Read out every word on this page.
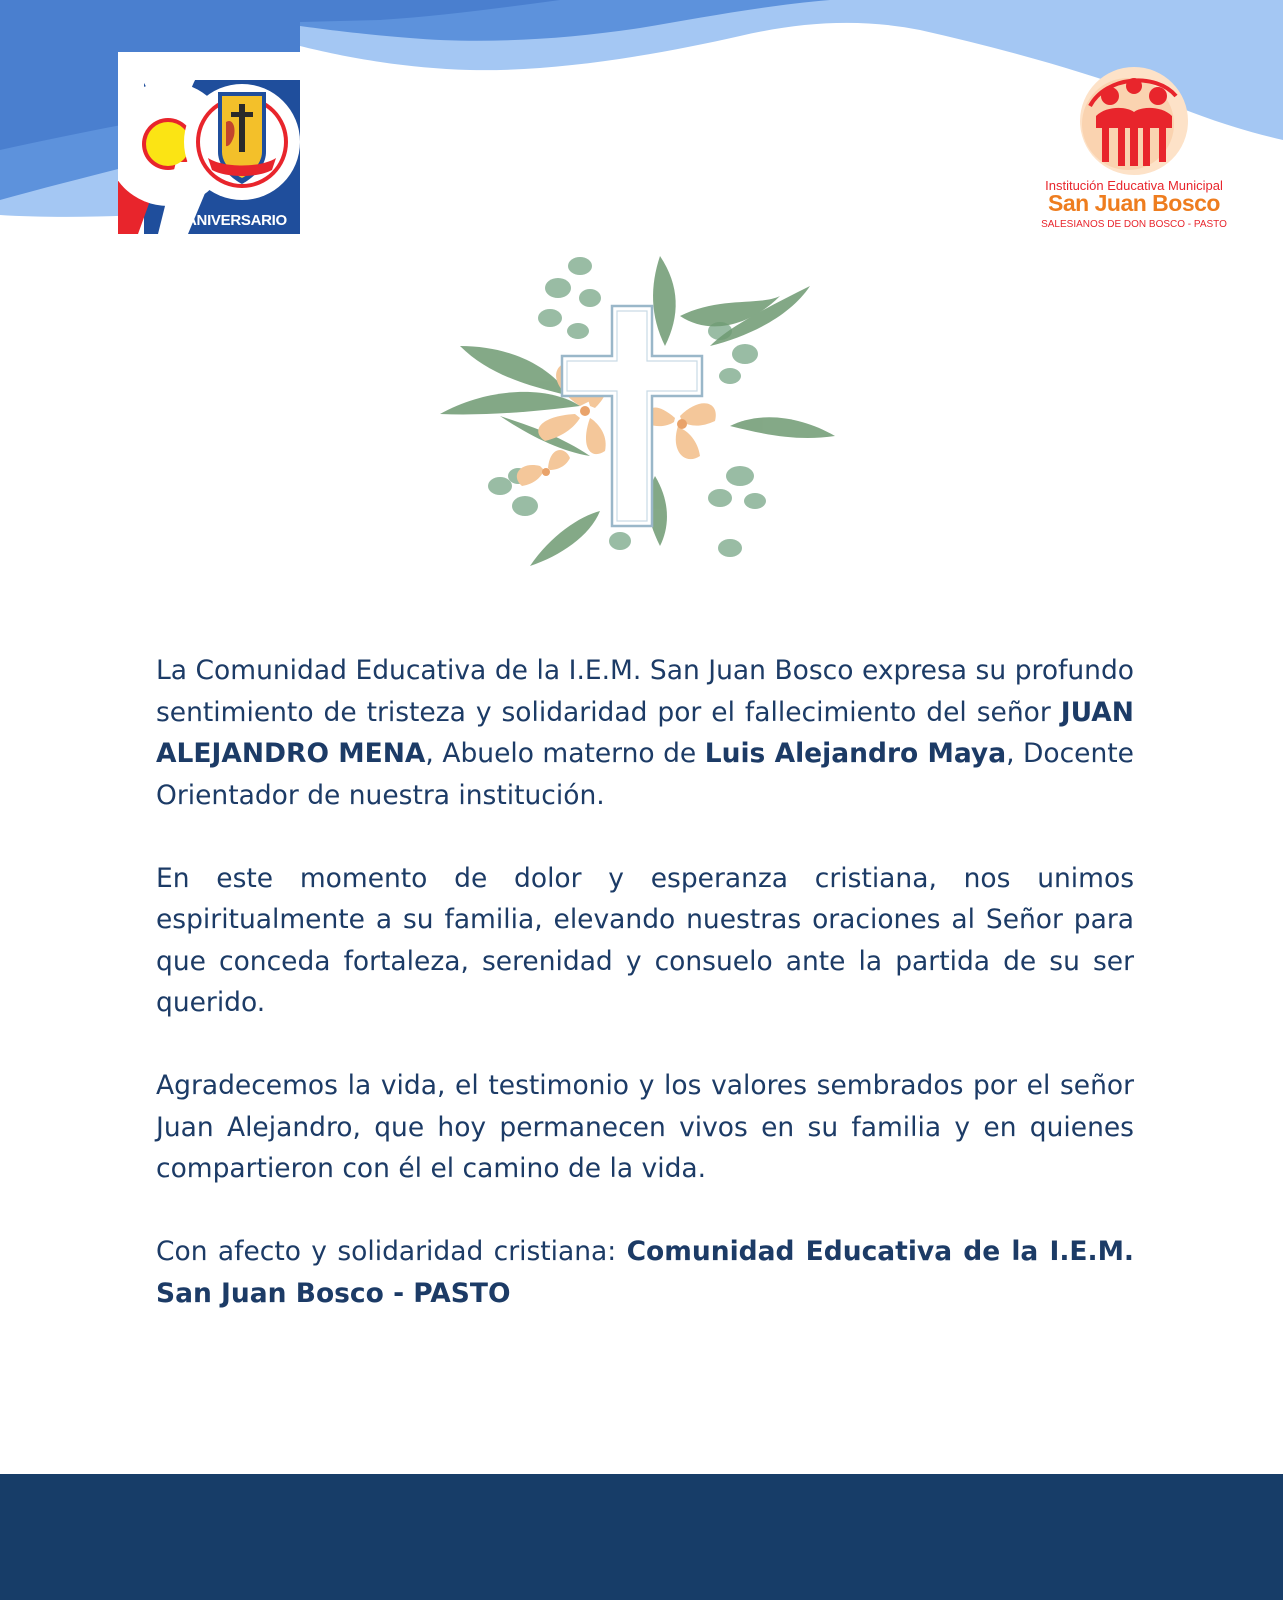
ANIVERSARIO
Institución Educativa Municipal
San Juan Bosco
SALESIANOS DE DON BOSCO - PASTO

La Comunidad Educativa de la I.E.M. San Juan Bosco expresa su profundo sentimiento de tristeza y solidaridad por el fallecimiento del señor JUAN ALEJANDRO MENA, Abuelo materno de Luis Alejandro Maya, Docente Orientador de nuestra institución.

En este momento de dolor y esperanza cristiana, nos unimos espiritualmente a su familia, elevando nuestras oraciones al Señor para que conceda fortaleza, serenidad y consuelo ante la partida de su ser querido.

Agradecemos la vida, el testimonio y los valores sembrados por el señor Juan Alejandro, que hoy permanecen vivos en su familia y en quienes compartieron con él el camino de la vida.

Con afecto y solidaridad cristiana: Comunidad Educativa de la I.E.M. San Juan Bosco - PASTO
